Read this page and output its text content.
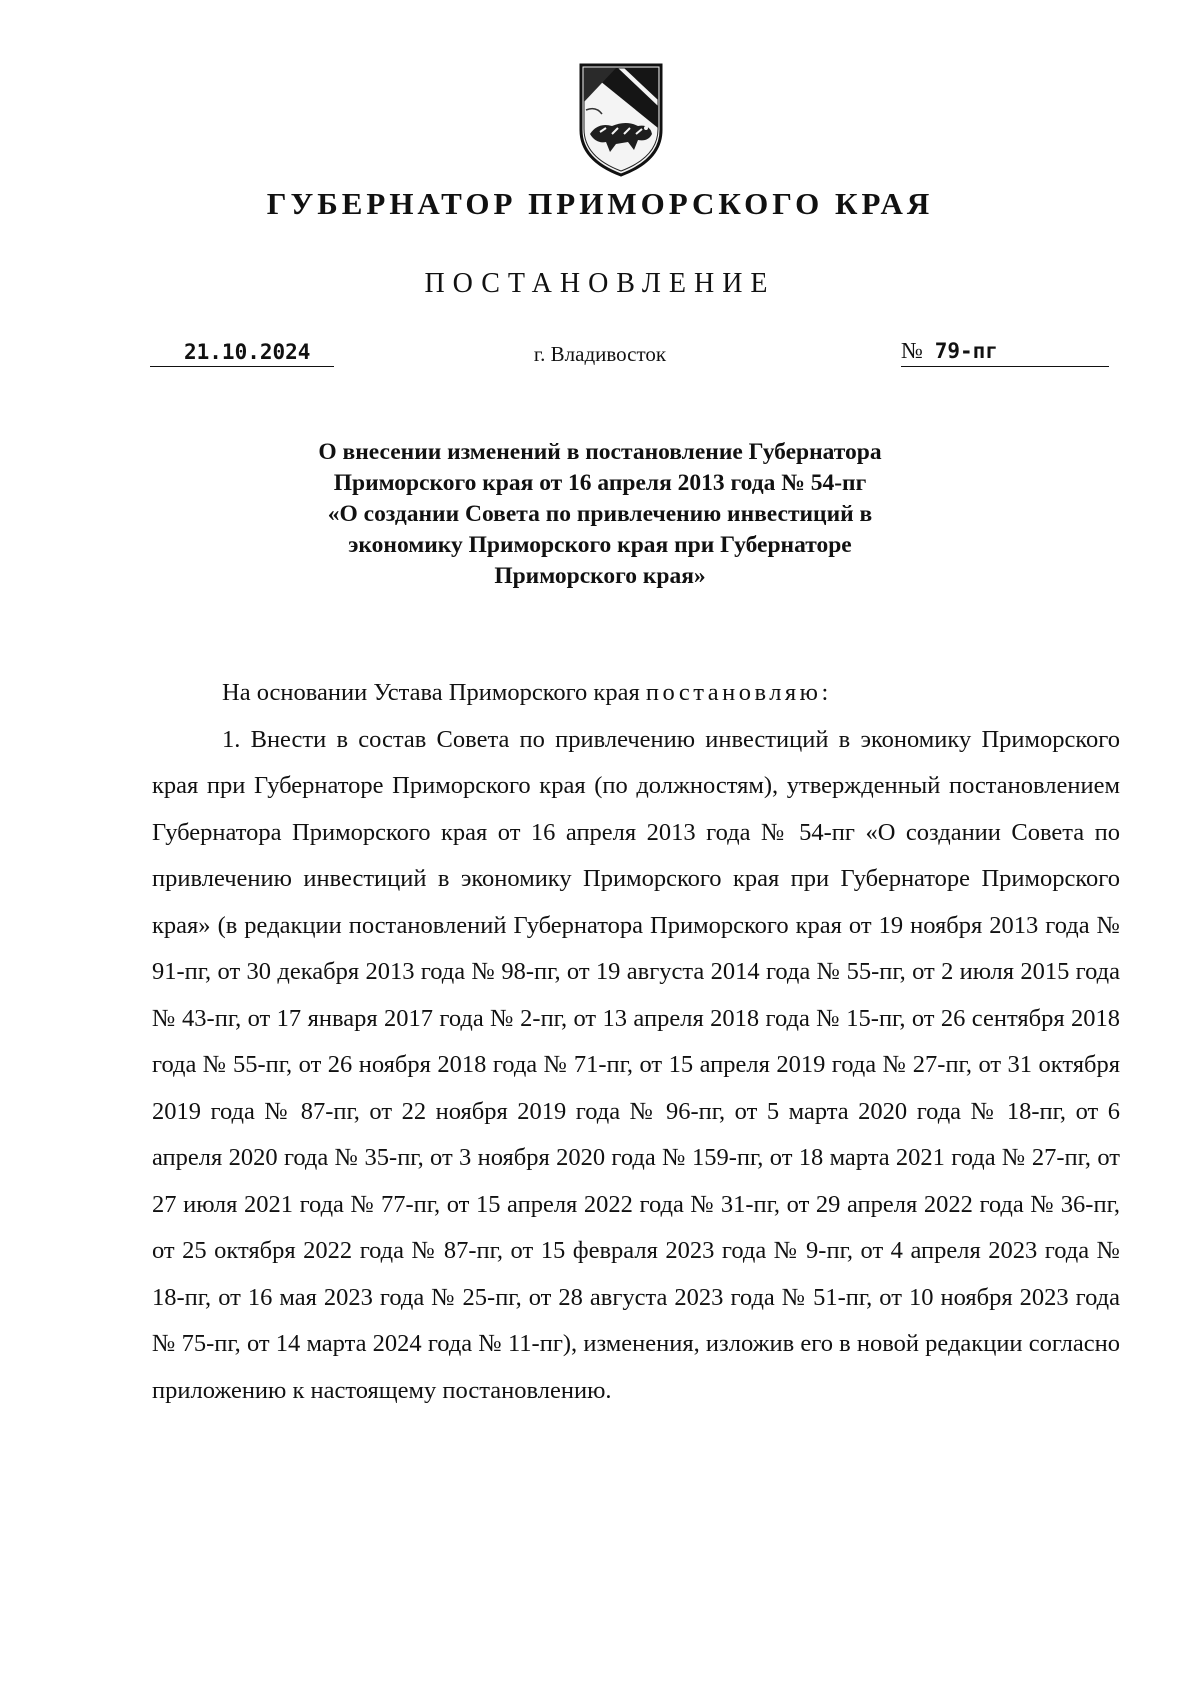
ГУБЕРНАТОР ПРИМОРСКОГО КРАЯ
ПОСТАНОВЛЕНИЕ
21.10.2024	г. Владивосток	№ 79-пг
О внесении изменений в постановление Губернатора
Приморского края от 16 апреля 2013 года № 54-пг
«О создании Совета по привлечению инвестиций в
экономику Приморского края при Губернаторе
Приморского края»

На основании Устава Приморского края постановляю:

1. Внести в состав Совета по привлечению инвестиций в экономику Приморского края при Губернаторе Приморского края (по должностям), утвержденный постановлением Губернатора Приморского края от 16 апреля 2013 года № 54-пг «О создании Совета по привлечению инвестиций в экономику Приморского края при Губернаторе Приморского края» (в редакции постановлений Губернатора Приморского края от 19 ноября 2013 года № 91-пг, от 30 декабря 2013 года № 98-пг, от 19 августа 2014 года № 55-пг, от 2 июля 2015 года № 43-пг, от 17 января 2017 года № 2-пг, от 13 апреля 2018 года № 15-пг, от 26 сентября 2018 года № 55-пг, от 26 ноября 2018 года № 71-пг, от 15 апреля 2019 года № 27-пг, от 31 октября 2019 года № 87-пг, от 22 ноября 2019 года № 96-пг, от 5 марта 2020 года № 18-пг, от 6 апреля 2020 года № 35-пг, от 3 ноября 2020 года № 159-пг, от 18 марта 2021 года № 27-пг, от 27 июля 2021 года № 77-пг, от 15 апреля 2022 года № 31-пг, от 29 апреля 2022 года № 36-пг, от 25 октября 2022 года № 87-пг, от 15 февраля 2023 года № 9-пг, от 4 апреля 2023 года № 18-пг, от 16 мая 2023 года № 25-пг, от 28 августа 2023 года № 51-пг, от 10 ноября 2023 года № 75-пг, от 14 марта 2024 года № 11-пг), изменения, изложив его в новой редакции согласно приложению к настоящему постановлению.
